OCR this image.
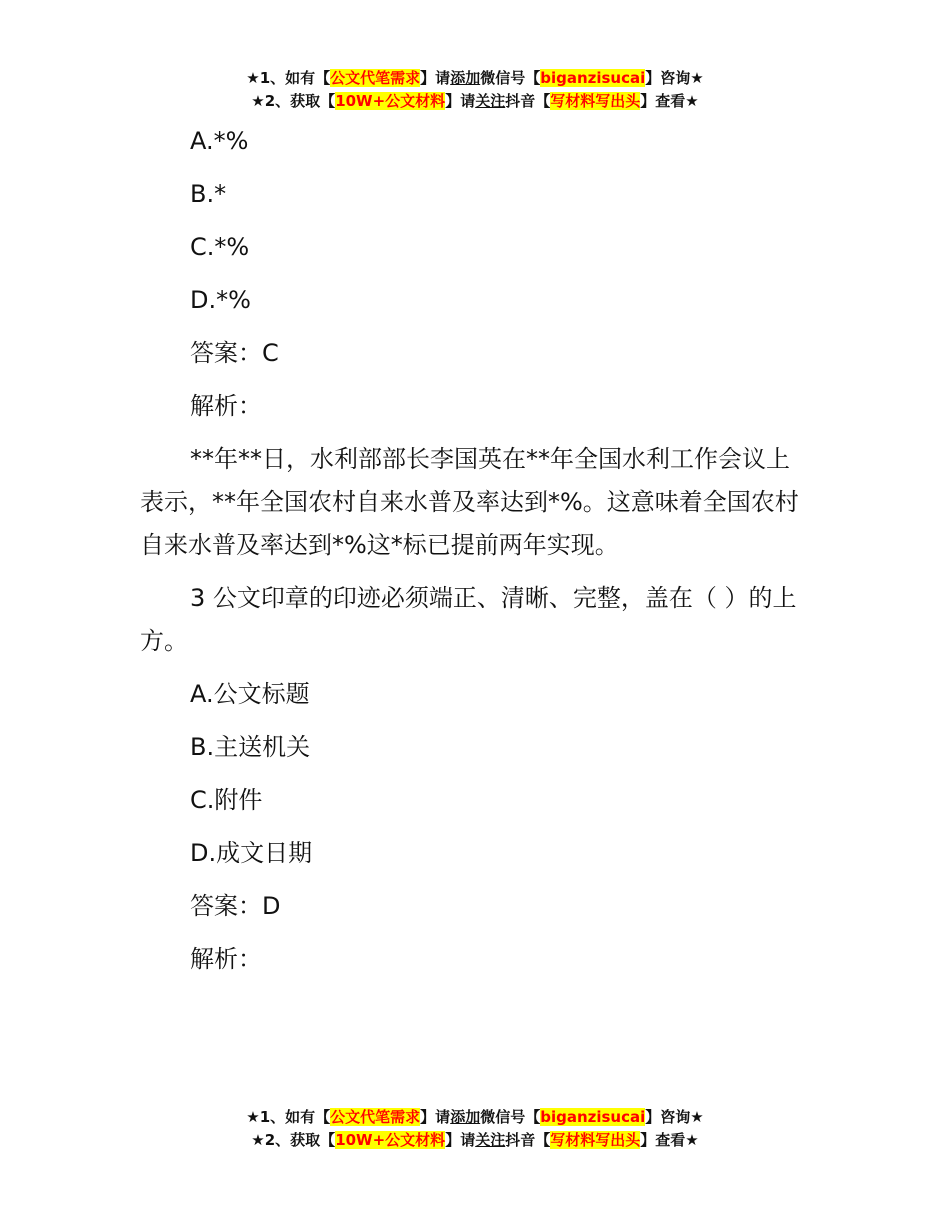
★1、如有【公文代笔需求】请添加微信号【biganzisucai】咨询★
★2、获取【10W+公文材料】请关注抖音【写材料写出头】查看★

A.*%

B.*

C.*%

D.*%

答案：C

解析：

**年**日，水利部部长李国英在**年全国水利工作会议上表示，**年全国农村自来水普及率达到*%。这意味着全国农村自来水普及率达到*%这*标已提前两年实现。

3 公文印章的印迹必须端正、清晰、完整，盖在（ ）的上方。

A.公文标题

B.主送机关

C.附件

D.成文日期

答案：D

解析：

★1、如有【公文代笔需求】请添加微信号【biganzisucai】咨询★
★2、获取【10W+公文材料】请关注抖音【写材料写出头】查看★
